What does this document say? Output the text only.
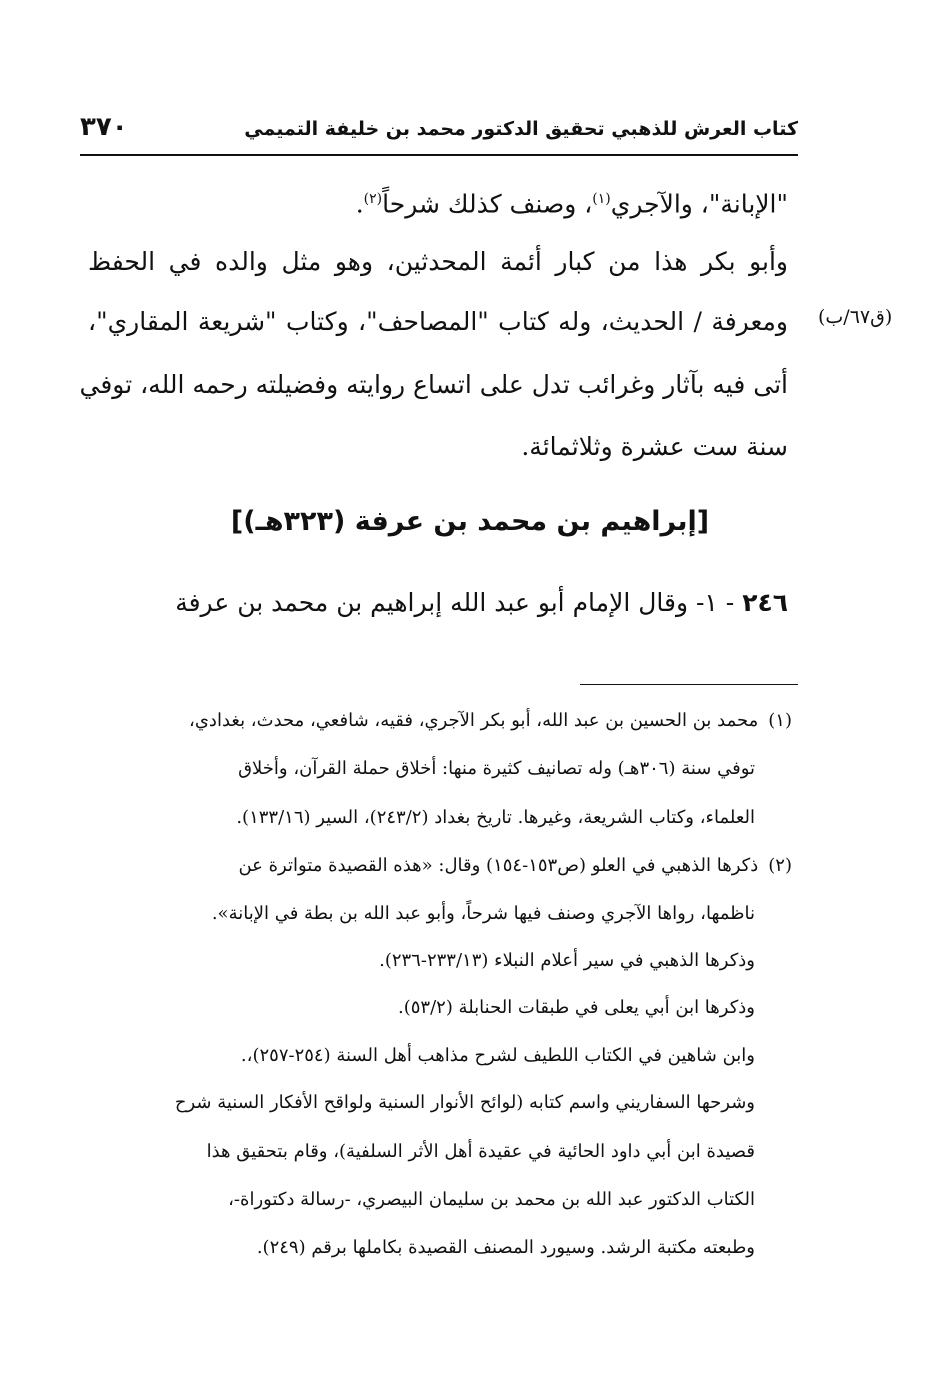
كتاب العرش للذهبي تحقيق الدكتور محمد بن خليفة التميمي
٣٧٠
"الإبانة"، والآجري$^{(١)}$، وصنف كذلك شرحاً$^{(٢)}$.
وأبو بكر هذا من كبار أئمة المحدثين، وهو مثل والده في الحفظ
ومعرفة / الحديث، وله كتاب "المصاحف"، وكتاب "شريعة المقاري"،
أتى فيه بآثار وغرائب تدل على اتساع روايته وفضيلته رحمه الله، توفي
سنة ست عشرة وثلاثمائة.
(ق٦٧/ب)
[إبراهيم بن محمد بن عرفة (٣٢٣هـ)]
٢٤٦ - ١- وقال الإمام أبو عبد الله إبراهيم بن محمد بن عرفة
(١)محمد بن الحسين بن عبد الله، أبو بكر الآجري، فقيه، شافعي، محدث، بغدادي،
توفي سنة (٣٠٦هـ) وله تصانيف كثيرة منها: أخلاق حملة القرآن، وأخلاق
العلماء، وكتاب الشريعة، وغيرها. تاريخ بغداد (٢٤٣/٢)، السير (١٣٣/١٦).
(٢)ذكرها الذهبي في العلو (ص١٥٣-١٥٤) وقال: «هذه القصيدة متواترة عن
ناظمها، رواها الآجري وصنف فيها شرحاً، وأبو عبد الله بن بطة في الإبانة».
وذكرها الذهبي في سير أعلام النبلاء (٢٣٣/١٣-٢٣٦).
وذكرها ابن أبي يعلى في طبقات الحنابلة (٥٣/٢).
وابن شاهين في الكتاب اللطيف لشرح مذاهب أهل السنة (٢٥٤-٢٥٧)،.
وشرحها السفاريني واسم كتابه (لوائح الأنوار السنية ولواقح الأفكار السنية شرح
قصيدة ابن أبي داود الحائية في عقيدة أهل الأثر السلفية)، وقام بتحقيق هذا
الكتاب الدكتور عبد الله بن محمد بن سليمان البيصري، -رسالة دكتوراة-،
وطبعته مكتبة الرشد. وسيورد المصنف القصيدة بكاملها برقم (٢٤٩).
